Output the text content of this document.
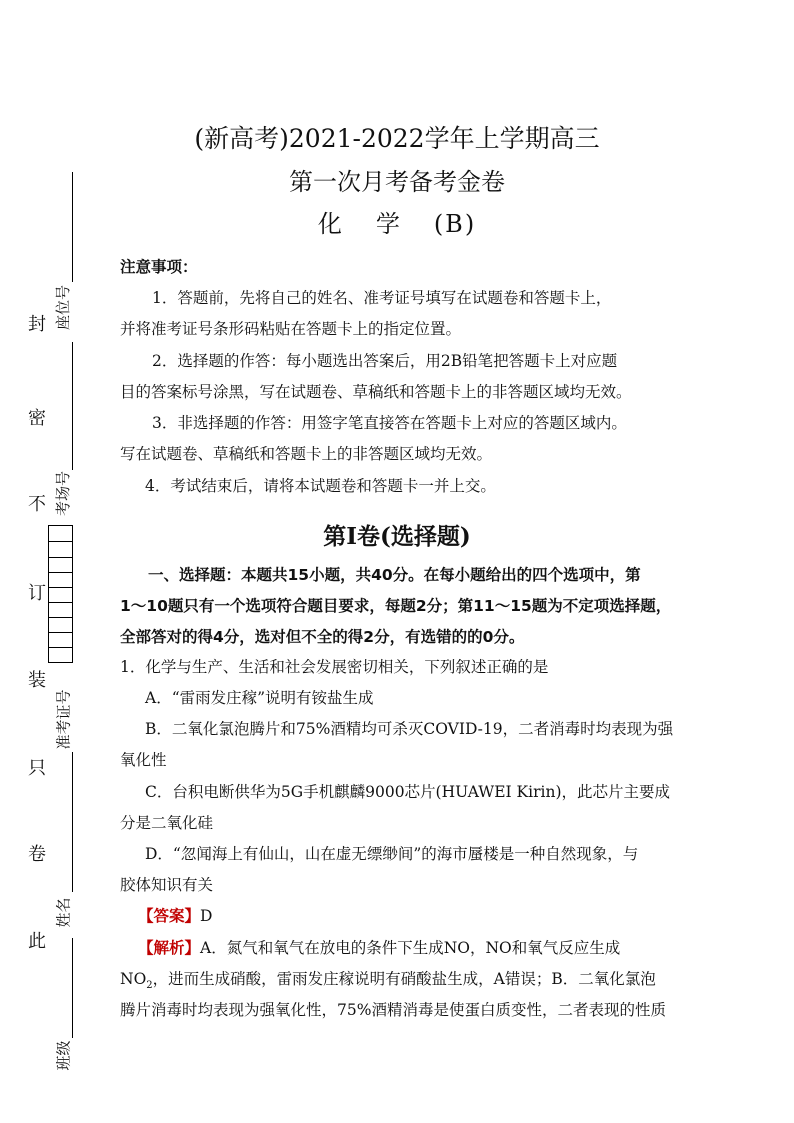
封
密
不
订
装
只
卷
此
座位号
考场号
准考证号
姓名
班级
(新高考)2021-2022学年上学期高三
第一次月考备考金卷
化学(B)
注意事项：
1．答题前，先将自己的姓名、准考证号填写在试题卷和答题卡上，
并将准考证号条形码粘贴在答题卡上的指定位置。
2．选择题的作答：每小题选出答案后，用2B铅笔把答题卡上对应题
目的答案标号涂黑，写在试题卷、草稿纸和答题卡上的非答题区域均无效。
3．非选择题的作答：用签字笔直接答在答题卡上对应的答题区域内。
写在试题卷、草稿纸和答题卡上的非答题区域均无效。
4．考试结束后，请将本试题卷和答题卡一并上交。
第Ⅰ卷(选择题)
一、选择题：本题共15小题，共40分。在每小题给出的四个选项中，第
1～10题只有一个选项符合题目要求，每题2分；第11～15题为不定项选择题，
全部答对的得4分，选对但不全的得2分，有选错的的0分。
1．化学与生产、生活和社会发展密切相关，下列叙述正确的是
A．“雷雨发庄稼”说明有铵盐生成
B．二氧化氯泡腾片和75%酒精均可杀灭COVID-19，二者消毒时均表现为强
氧化性
C．台积电断供华为5G手机麒麟9000芯片(HUAWEI Kirin)，此芯片主要成
分是二氧化硅
D．“忽闻海上有仙山，山在虚无缥缈间”的海市蜃楼是一种自然现象，与
胶体知识有关
【答案】D
【解析】A．氮气和氧气在放电的条件下生成NO，NO和氧气反应生成
$NO_2$，进而生成硝酸，雷雨发庄稼说明有硝酸盐生成，A错误；B．二氧化氯泡
腾片消毒时均表现为强氧化性，75%酒精消毒是使蛋白质变性，二者表现的性质
